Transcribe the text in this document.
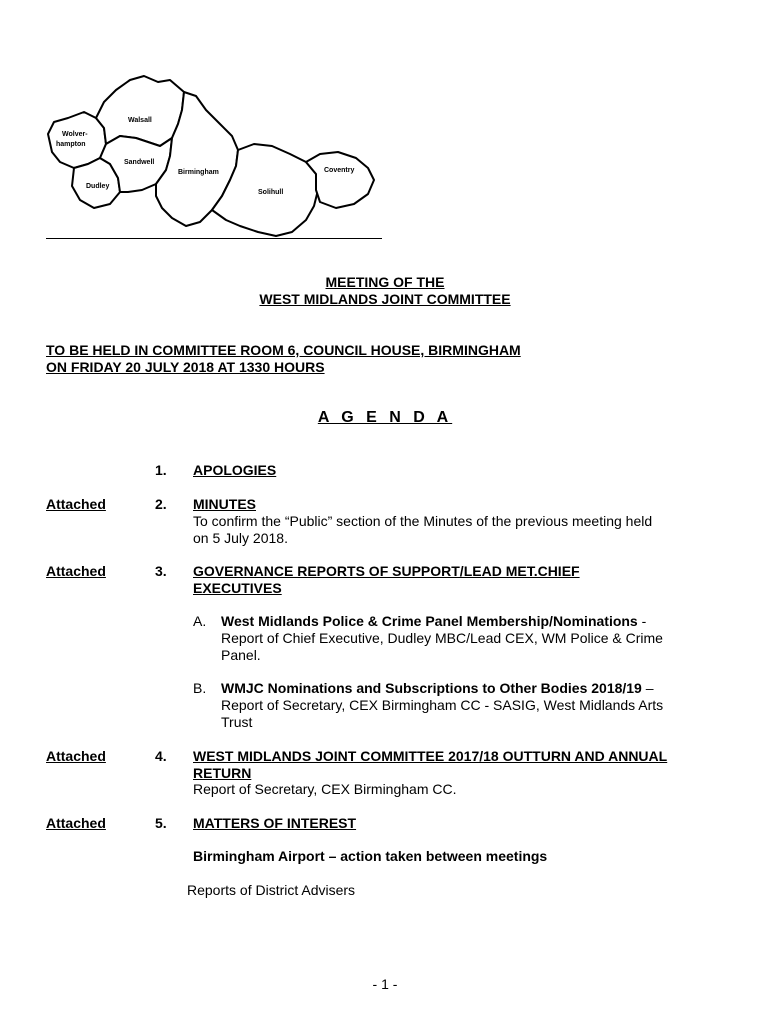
Walsall
Wolver-
hampton
Sandwell
Dudley
Birmingham
Solihull
Coventry
MEETING OF THE
WEST MIDLANDS JOINT COMMITTEE
TO BE HELD IN COMMITTEE ROOM 6, COUNCIL HOUSE, BIRMINGHAM
ON FRIDAY 20 JULY 2018 AT 1330 HOURS
A G E N D A
1. APOLOGIES
Attached	2. MINUTES
To confirm the “Public” section of the Minutes of the previous meeting held
on 5 July 2018.
Attached	3. GOVERNANCE REPORTS OF SUPPORT/LEAD MET.CHIEF
EXECUTIVES
A. West Midlands Police & Crime Panel Membership/Nominations -
Report of Chief Executive, Dudley MBC/Lead CEX, WM Police & Crime
Panel.
B. WMJC Nominations and Subscriptions to Other Bodies 2018/19 –
Report of Secretary, CEX Birmingham CC - SASIG, West Midlands Arts
Trust
Attached	4. WEST MIDLANDS JOINT COMMITTEE 2017/18 OUTTURN AND ANNUAL
RETURN
Report of Secretary, CEX Birmingham CC.
Attached	5. MATTERS OF INTEREST
Birmingham Airport – action taken between meetings
Reports of District Advisers
- 1 -
